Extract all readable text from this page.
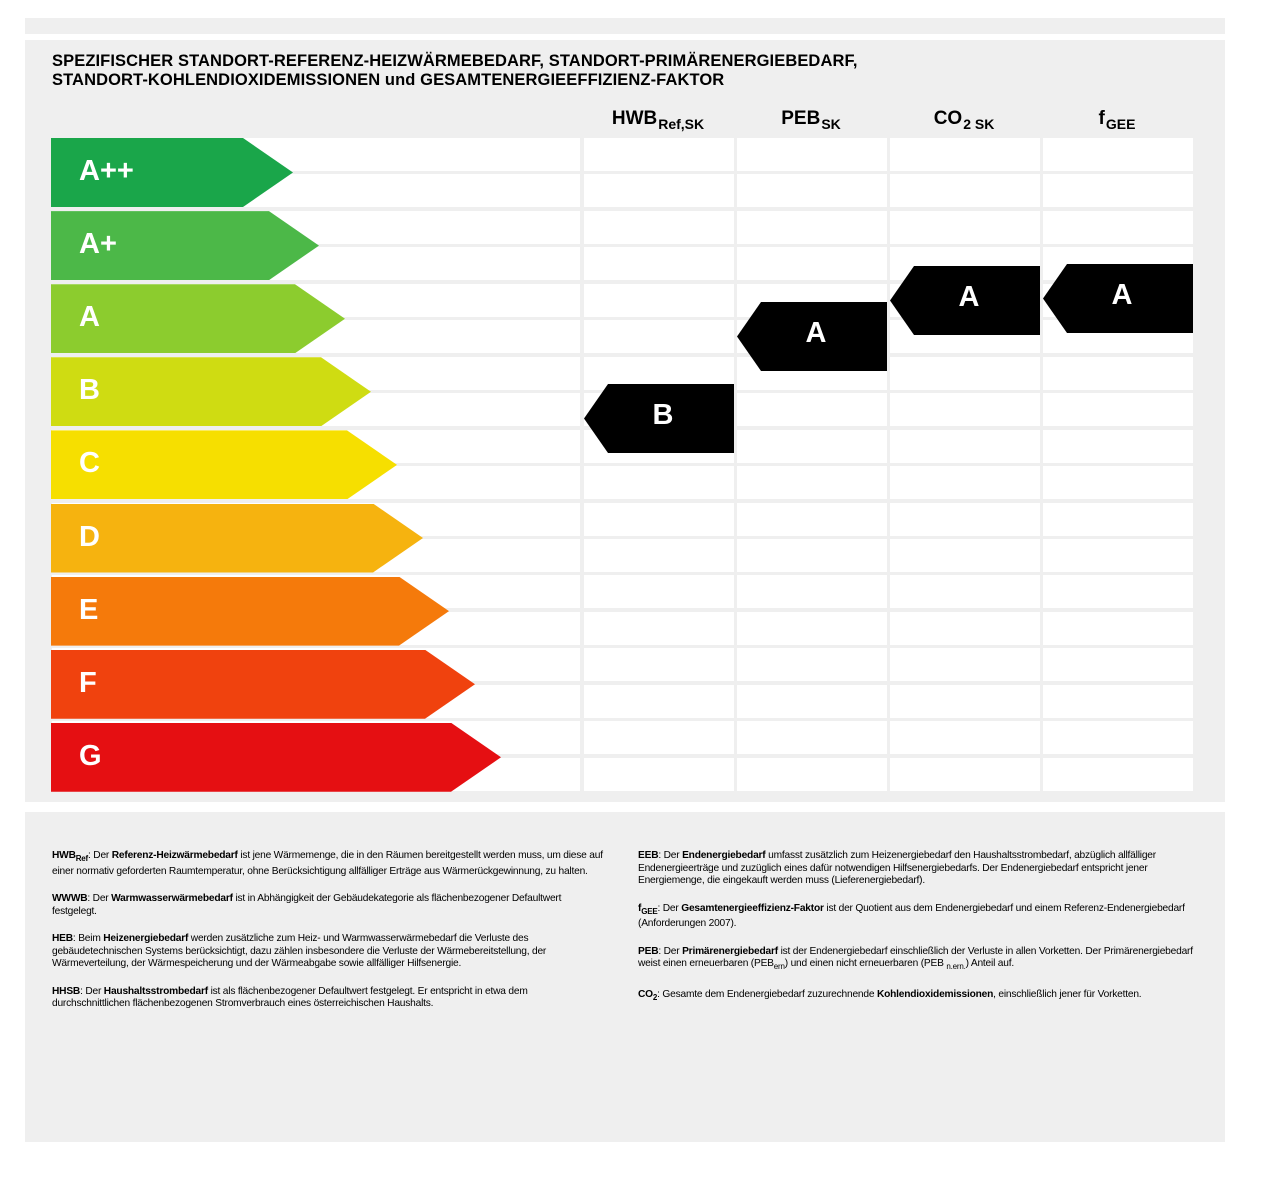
SPEZIFISCHER STANDORT-REFERENZ-HEIZWÄRMEBEDARF, STANDORT-PRIMÄRENERGIEBEDARF,
STANDORT-KOHLENDIOXIDEMISSIONEN und GESAMTENERGIEEFFIZIENZ-FAKTOR
$HWB_{Ref,SK}$	$PEB_{SK}$	$CO_{2 SK}$	$f_{GEE}$
A++
A+
A
B
C
D
E
F
G
B
A
A	A

$HWB_{Ref}$: Der Referenz-Heizwärmebedarf ist jene Wärmemenge, die in den Räumen bereitgestellt werden muss, um diese auf einer normativ geforderten Raumtemperatur, ohne Berücksichtigung allfälliger Erträge aus Wärmerückgewinnung, zu halten.

WWWB: Der Warmwasserwärmebedarf ist in Abhängigkeit der Gebäudekategorie als flächenbezogener Defaultwert festgelegt.

HEB: Beim Heizenergiebedarf werden zusätzliche zum Heiz- und Warmwasserwärmebedarf die Verluste des gebäudetechnischen Systems berücksichtigt, dazu zählen insbesondere die Verluste der Wärmebereitstellung, der Wärmeverteilung, der Wärmespeicherung und der Wärmeabgabe sowie allfälliger Hilfsenergie.

HHSB: Der Haushaltsstrombedarf ist als flächenbezogener Defaultwert festgelegt. Er entspricht in etwa dem durchschnittlichen flächenbezogenen Stromverbrauch eines österreichischen Haushalts.

EEB: Der Endenergiebedarf umfasst zusätzlich zum Heizenergiebedarf den Haushaltsstrombedarf, abzüglich allfälliger Endenergieerträge und zuzüglich eines dafür notwendigen Hilfsenergiebedarfs. Der Endenergiebedarf entspricht jener Energiemenge, die eingekauft werden muss (Lieferenergiebedarf).

$f_{GEE}$: Der Gesamtenergieeffizienz-Faktor ist der Quotient aus dem Endenergiebedarf und einem Referenz-Endenergiebedarf (Anforderungen 2007).

PEB: Der Primärenergiebedarf ist der Endenergiebedarf einschließlich der Verluste in allen Vorketten. Der Primärenergiebedarf weist einen erneuerbaren $(PEB_{ern})$ und einen nicht erneuerbaren (PEB $_{n.ern.}$) Anteil auf.

$CO_2$: Gesamte dem Endenergiebedarf zuzurechnende Kohlendioxidemissionen, einschließlich jener für Vorketten.
